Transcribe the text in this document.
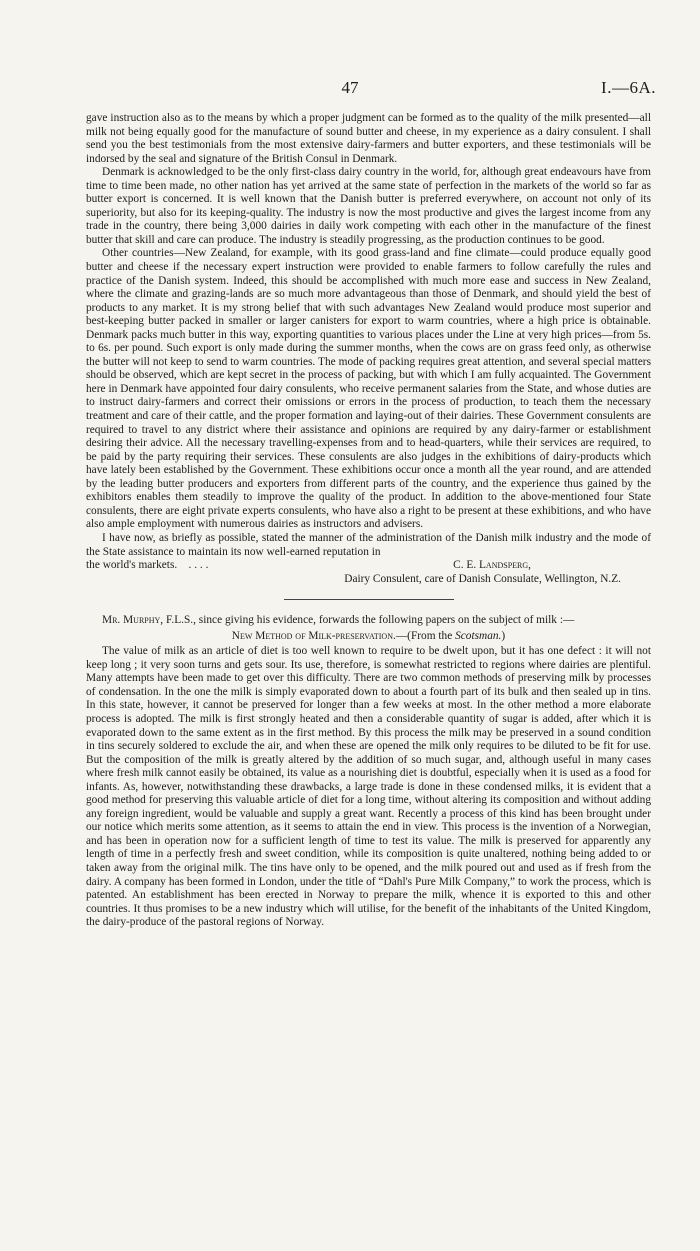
47	I.—6A.

gave instruction also as to the means by which a proper judgment can be formed as to the quality of the milk presented—all milk not being equally good for the manufacture of sound butter and cheese, in my experience as a dairy consulent. I shall send you the best testimonials from the most extensive dairy-farmers and butter exporters, and these testimonials will be indorsed by the seal and signature of the British Consul in Denmark.

Denmark is acknowledged to be the only first-class dairy country in the world, for, although great endeavours have from time to time been made, no other nation has yet arrived at the same state of perfection in the markets of the world so far as butter export is concerned. It is well known that the Danish butter is preferred everywhere, on account not only of its superiority, but also for its keeping-quality. The industry is now the most productive and gives the largest income from any trade in the country, there being 3,000 dairies in daily work competing with each other in the manufacture of the finest butter that skill and care can produce. The industry is steadily progressing, as the production continues to be good.

Other countries—New Zealand, for example, with its good grass-land and fine climate—could produce equally good butter and cheese if the necessary expert instruction were provided to enable farmers to follow carefully the rules and practice of the Danish system. Indeed, this should be accomplished with much more ease and success in New Zealand, where the climate and grazing-lands are so much more advantageous than those of Denmark, and should yield the best of products to any market. It is my strong belief that with such advantages New Zealand would produce most superior and best-keeping butter packed in smaller or larger canisters for export to warm countries, where a high price is obtainable. Denmark packs much butter in this way, exporting quantities to various places under the Line at very high prices—from 5s. to 6s. per pound. Such export is only made during the summer months, when the cows are on grass feed only, as otherwise the butter will not keep to send to warm countries. The mode of packing requires great attention, and several special matters should be observed, which are kept secret in the process of packing, but with which I am fully acquainted. The Government here in Denmark have appointed four dairy consulents, who receive permanent salaries from the State, and whose duties are to instruct dairy-farmers and correct their omissions or errors in the process of production, to teach them the necessary treatment and care of their cattle, and the proper formation and laying-out of their dairies. These Government consulents are required to travel to any district where their assistance and opinions are required by any dairy-farmer or establishment desiring their advice. All the necessary travelling-expenses from and to head-quarters, while their services are required, to be paid by the party requiring their services. These consulents are also judges in the exhibitions of dairy-products which have lately been established by the Government. These exhibitions occur once a month all the year round, and are attended by the leading butter producers and exporters from different parts of the country, and the experience thus gained by the exhibitors enables them steadily to improve the quality of the product. In addition to the above-mentioned four State consulents, there are eight private experts consulents, who have also a right to be present at these exhibitions, and who have also ample employment with numerous dairies as instructors and advisers.

I have now, as briefly as possible, stated the manner of the administration of the Danish milk industry and the mode of the State assistance to maintain its now well-earned reputation in

the world's markets. . . . .	C. E. Landsperg,
Dairy Consulent, care of Danish Consulate, Wellington, N.Z.

Mr. Murphy, F.L.S., since giving his evidence, forwards the following papers on the subject of milk :—

New Method of Milk-preservation.—(From the Scotsman.)

The value of milk as an article of diet is too well known to require to be dwelt upon, but it has one defect : it will not keep long ; it very soon turns and gets sour. Its use, therefore, is somewhat restricted to regions where dairies are plentiful. Many attempts have been made to get over this difficulty. There are two common methods of preserving milk by processes of condensation. In the one the milk is simply evaporated down to about a fourth part of its bulk and then sealed up in tins. In this state, however, it cannot be preserved for longer than a few weeks at most. In the other method a more elaborate process is adopted. The milk is first strongly heated and then a considerable quantity of sugar is added, after which it is evaporated down to the same extent as in the first method. By this process the milk may be preserved in a sound condition in tins securely soldered to exclude the air, and when these are opened the milk only requires to be diluted to be fit for use. But the composition of the milk is greatly altered by the addition of so much sugar, and, although useful in many cases where fresh milk cannot easily be obtained, its value as a nourishing diet is doubtful, especially when it is used as a food for infants. As, however, notwithstanding these drawbacks, a large trade is done in these condensed milks, it is evident that a good method for preserving this valuable article of diet for a long time, without altering its composition and without adding any foreign ingredient, would be valuable and supply a great want. Recently a process of this kind has been brought under our notice which merits some attention, as it seems to attain the end in view. This process is the invention of a Norwegian, and has been in operation now for a sufficient length of time to test its value. The milk is preserved for apparently any length of time in a perfectly fresh and sweet condition, while its composition is quite unaltered, nothing being added to or taken away from the original milk. The tins have only to be opened, and the milk poured out and used as if fresh from the dairy. A company has been formed in London, under the title of “Dahl's Pure Milk Company,” to work the process, which is patented. An establishment has been erected in Norway to prepare the milk, whence it is exported to this and other countries. It thus promises to be a new industry which will utilise, for the benefit of the inhabitants of the United Kingdom, the dairy-produce of the pastoral regions of Norway.
